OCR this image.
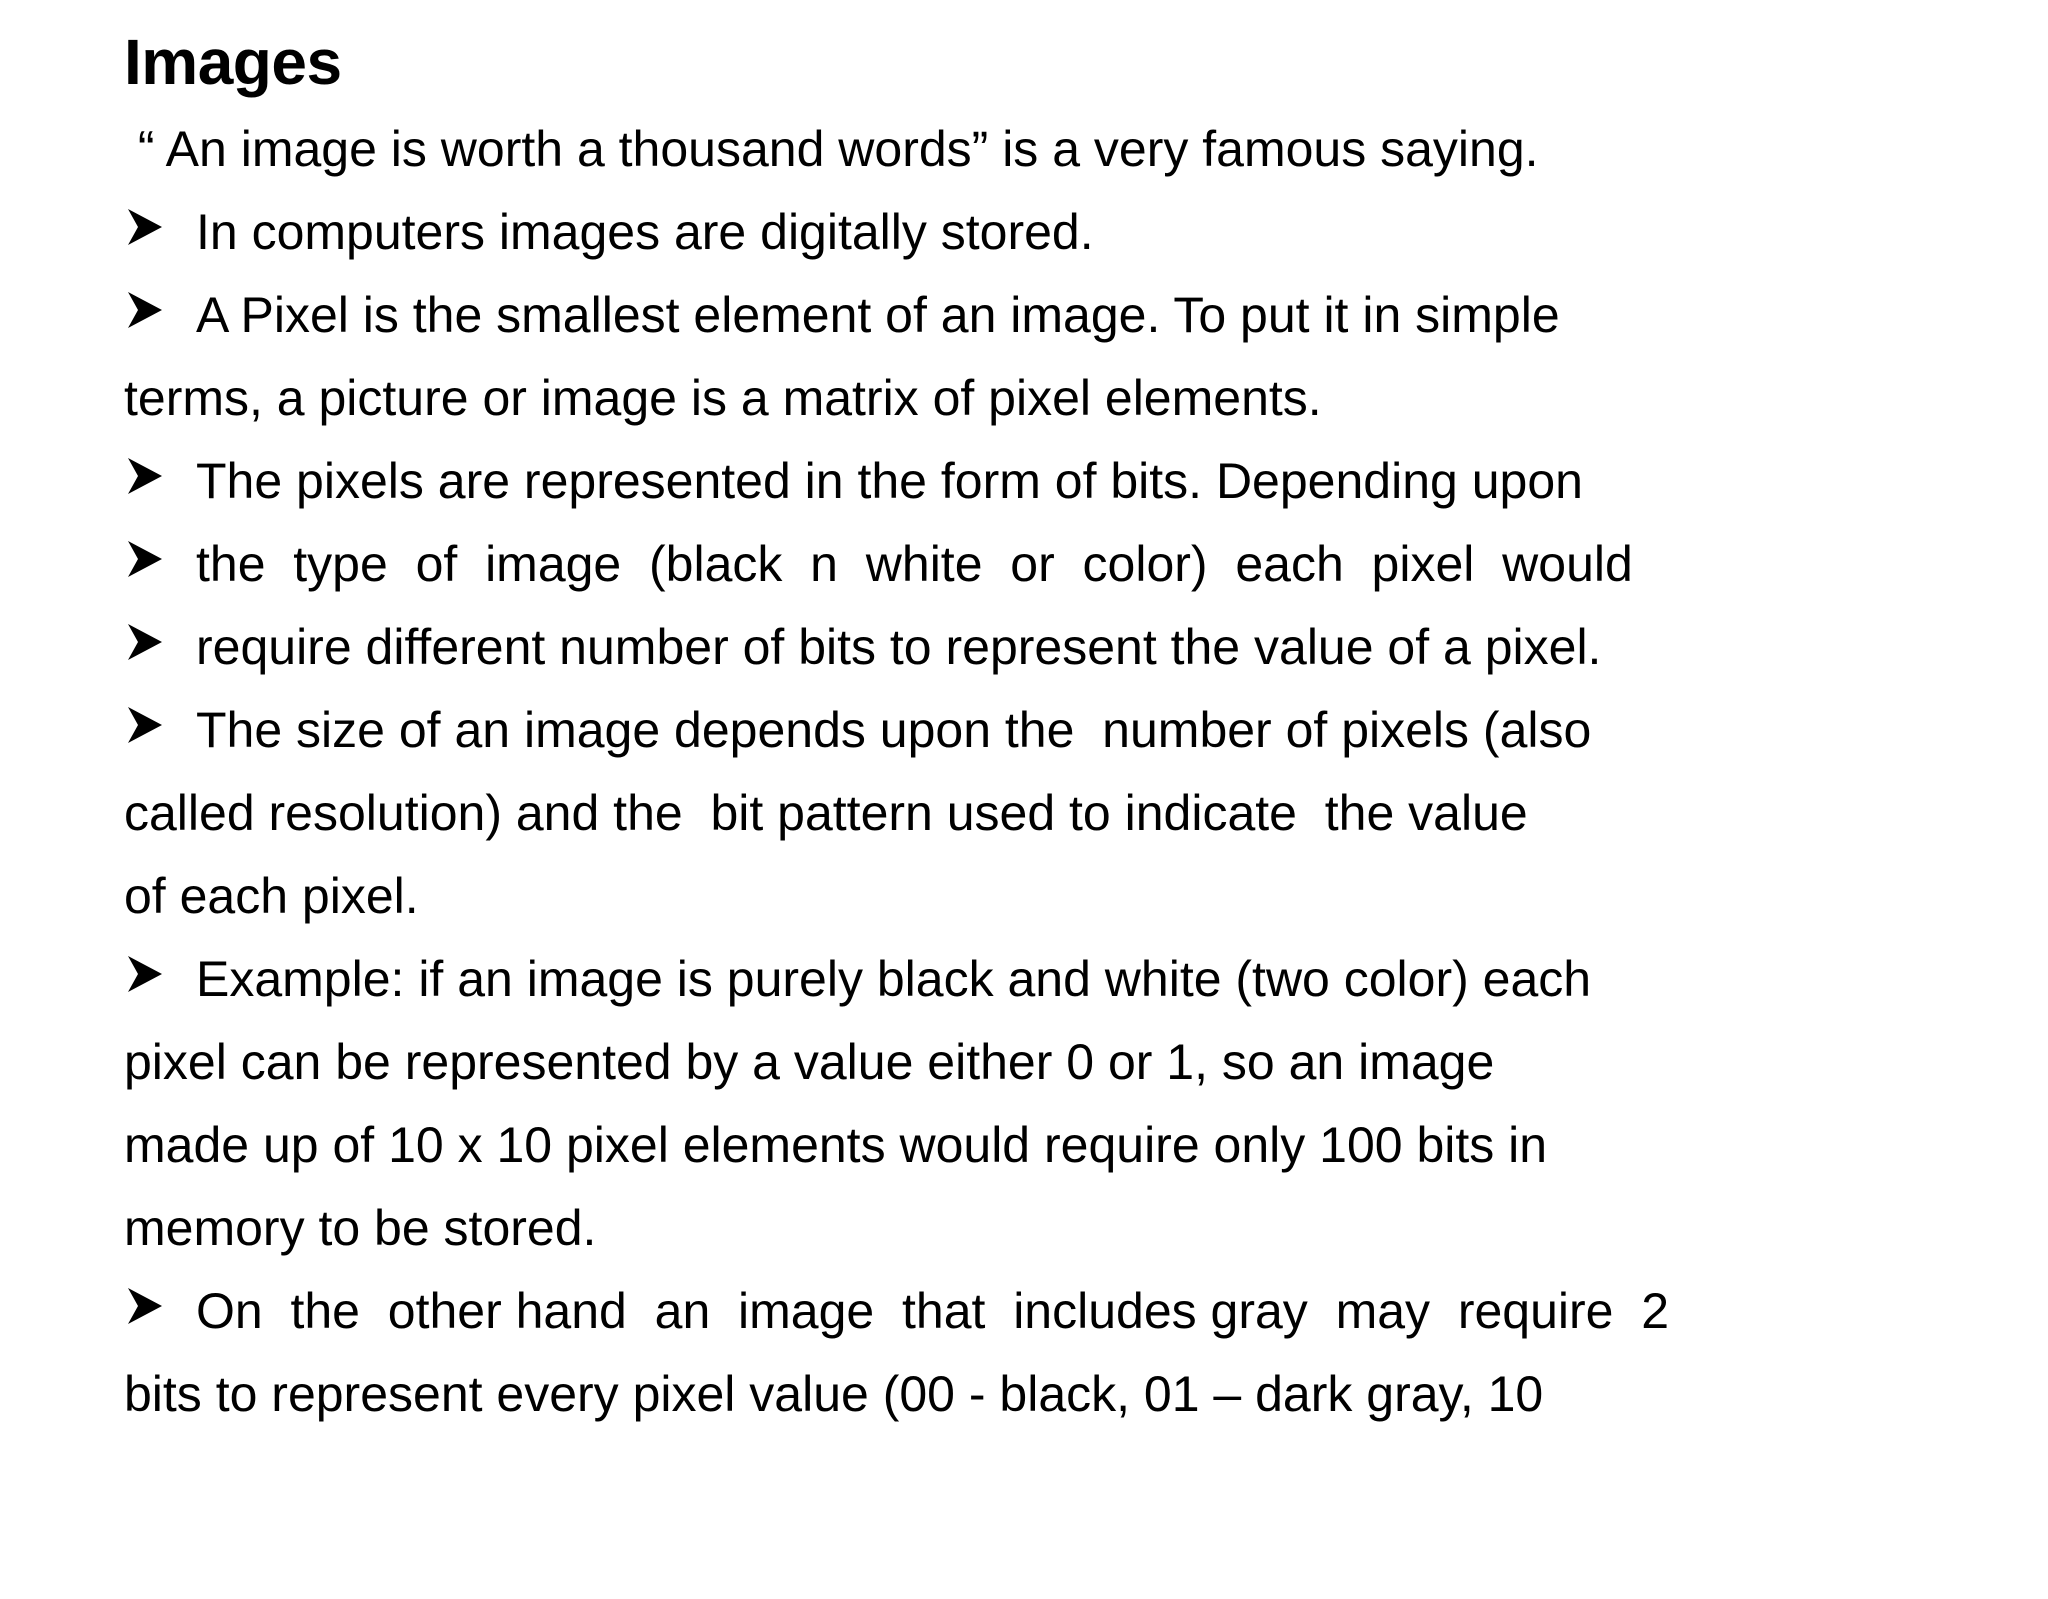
Images

“ An image is worth a thousand words” is a very famous saying.

In computers images are digitally stored.

A Pixel is the smallest element of an image. To put it in simple

terms, a picture or image is a matrix of pixel elements.

The pixels are represented in the form of bits. Depending upon

the  type  of  image  (black  n  white  or  color)  each  pixel  would

require different number of bits to represent the value of a pixel.

The size of an image depends upon the  number of pixels (also

called resolution) and the  bit pattern used to indicate  the value

of each pixel.

Example: if an image is purely black and white (two color) each

pixel can be represented by a value either 0 or 1, so an image

made up of 10 x 10 pixel elements would require only 100 bits in

memory to be stored.

On  the  other hand  an  image  that  includes gray  may  require  2

bits to represent every pixel value (00 - black, 01 – dark gray, 10
